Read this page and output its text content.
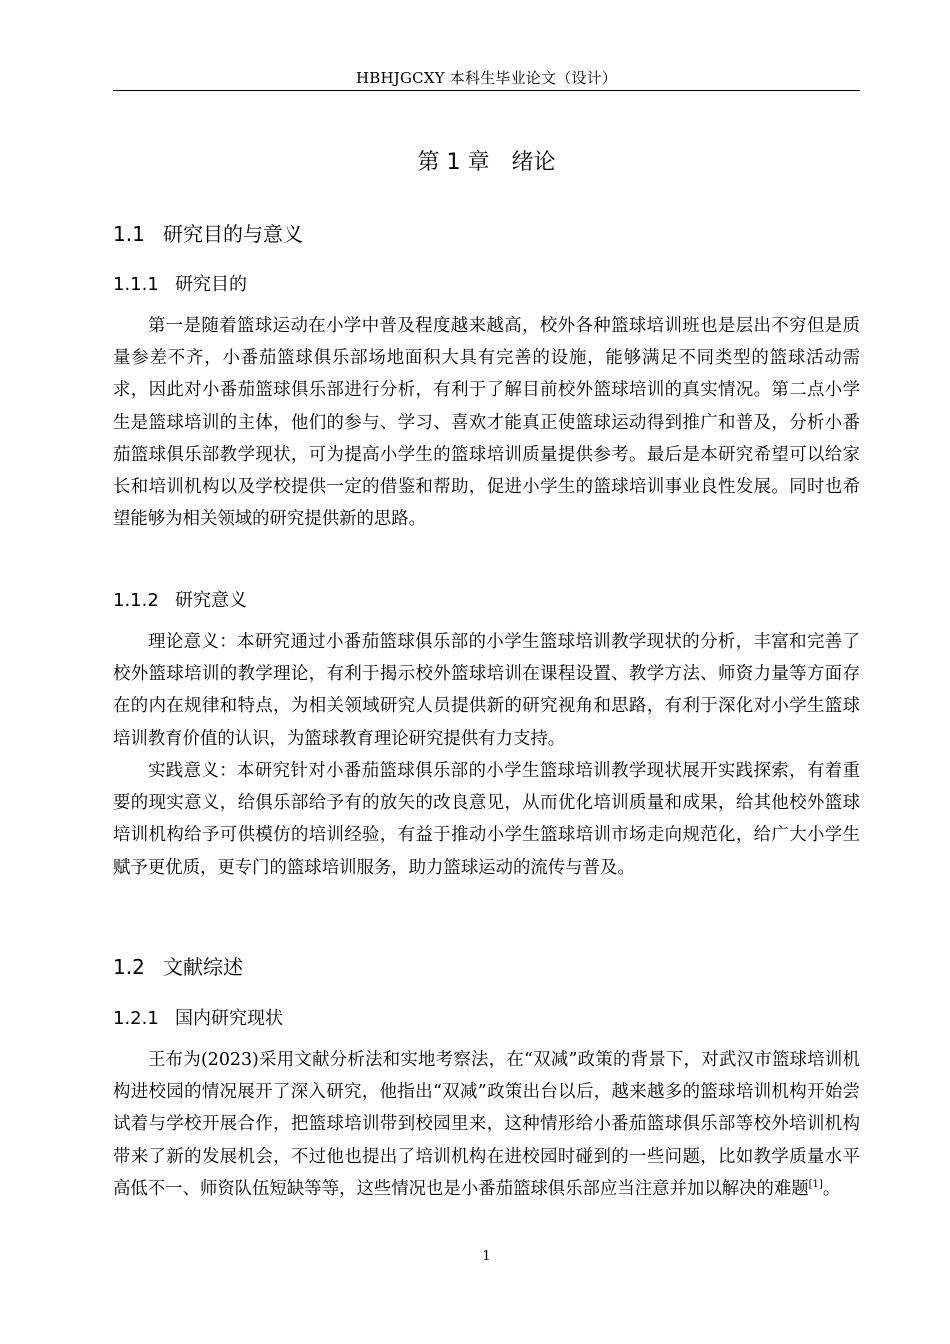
HBHJGCXY 本科生毕业论文（设计）
第 1 章 绪论
1.1 研究目的与意义
1.1.1 研究目的

第一是随着篮球运动在小学中普及程度越来越高，校外各种篮球培训班也是层出不穷但是质量参差不齐，小番茄篮球俱乐部场地面积大具有完善的设施，能够满足不同类型的篮球活动需求，因此对小番茄篮球俱乐部进行分析，有利于了解目前校外篮球培训的真实情况。第二点小学生是篮球培训的主体，他们的参与、学习、喜欢才能真正使篮球运动得到推广和普及，分析小番茄篮球俱乐部教学现状，可为提高小学生的篮球培训质量提供参考。最后是本研究希望可以给家长和培训机构以及学校提供一定的借鉴和帮助，促进小学生的篮球培训事业良性发展。同时也希望能够为相关领域的研究提供新的思路。

1.1.2 研究意义

理论意义：本研究通过小番茄篮球俱乐部的小学生篮球培训教学现状的分析，丰富和完善了校外篮球培训的教学理论，有利于揭示校外篮球培训在课程设置、教学方法、师资力量等方面存在的内在规律和特点，为相关领域研究人员提供新的研究视角和思路，有利于深化对小学生篮球培训教育价值的认识，为篮球教育理论研究提供有力支持。

实践意义：本研究针对小番茄篮球俱乐部的小学生篮球培训教学现状展开实践探索，有着重要的现实意义，给俱乐部给予有的放矢的改良意见，从而优化培训质量和成果，给其他校外篮球培训机构给予可供模仿的培训经验，有益于推动小学生篮球培训市场走向规范化，给广大小学生赋予更优质，更专门的篮球培训服务，助力篮球运动的流传与普及。

1.2 文献综述
1.2.1 国内研究现状

王布为(2023)采用文献分析法和实地考察法，在“双减”政策的背景下，对武汉市篮球培训机构进校园的情况展开了深入研究，他指出“双减”政策出台以后，越来越多的篮球培训机构开始尝试着与学校开展合作，把篮球培训带到校园里来，这种情形给小番茄篮球俱乐部等校外培训机构带来了新的发展机会，不过他也提出了培训机构在进校园时碰到的一些问题，比如教学质量水平高低不一、师资队伍短缺等等，这些情况也是小番茄篮球俱乐部应当注意并加以解决的难题[1]。

1
